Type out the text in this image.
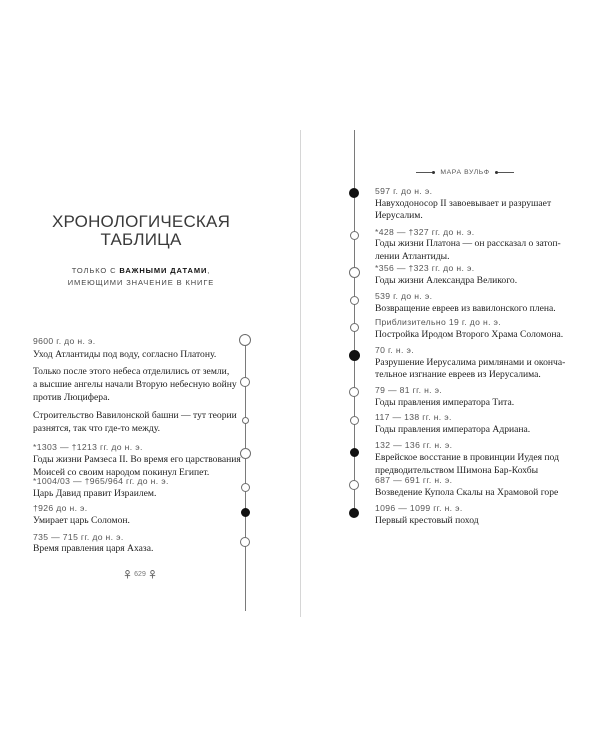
ХРОНОЛОГИЧЕСКАЯ
ТАБЛИЦА
ТОЛЬКО С ВАЖНЫМИ ДАТАМИ,
ИМЕЮЩИМИ ЗНАЧЕНИЕ В КНИГЕ
9600 г. до н. э.
Уход Атлантиды под воду, согласно Платону.
Только после этого небеса отделились от земли,
а высшие ангелы начали Вторую небесную войну
против Люцифера.
Строительство Вавилонской башни — тут теории
разнятся, так что где-то между.
*1303 — †1213 гг. до н. э.
Годы жизни Рамзеса II. Во время его царствования
Моисей со своим народом покинул Египет.
*1004/03 — †965/964 гг. до н. э.
Царь Давид правит Израилем.
†926 до н. э.
Умирает царь Соломон.
735 — 715 гг. до н. э.
Время правления царя Ахаза.
629
МАРА ВУЛЬФ
597 г. до н. э.
Навуходоносор II завоевывает и разрушает
Иерусалим.
*428 — †327 гг. до н. э.
Годы жизни Платона — он рассказал о затоп-
лении Атлантиды.
*356 — †323 гг. до н. э.
Годы жизни Александра Великого.
539 г. до н. э.
Возвращение евреев из вавилонского плена.
Приблизительно 19 г. до н. э.
Постройка Иродом Второго Храма Соломона.
70 г. н. э.
Разрушение Иерусалима римлянами и оконча-
тельное изгнание евреев из Иерусалима.
79 — 81 гг. н. э.
Годы правления императора Тита.
117 — 138 гг. н. э.
Годы правления императора Адриана.
132 — 136 гг. н. э.
Еврейское восстание в провинции Иудея под
предводительством Шимона Бар-Кохбы
687 — 691 гг. н. э.
Возведение Купола Скалы на Храмовой горе
1096 — 1099 гг. н. э.
Первый крестовый поход
